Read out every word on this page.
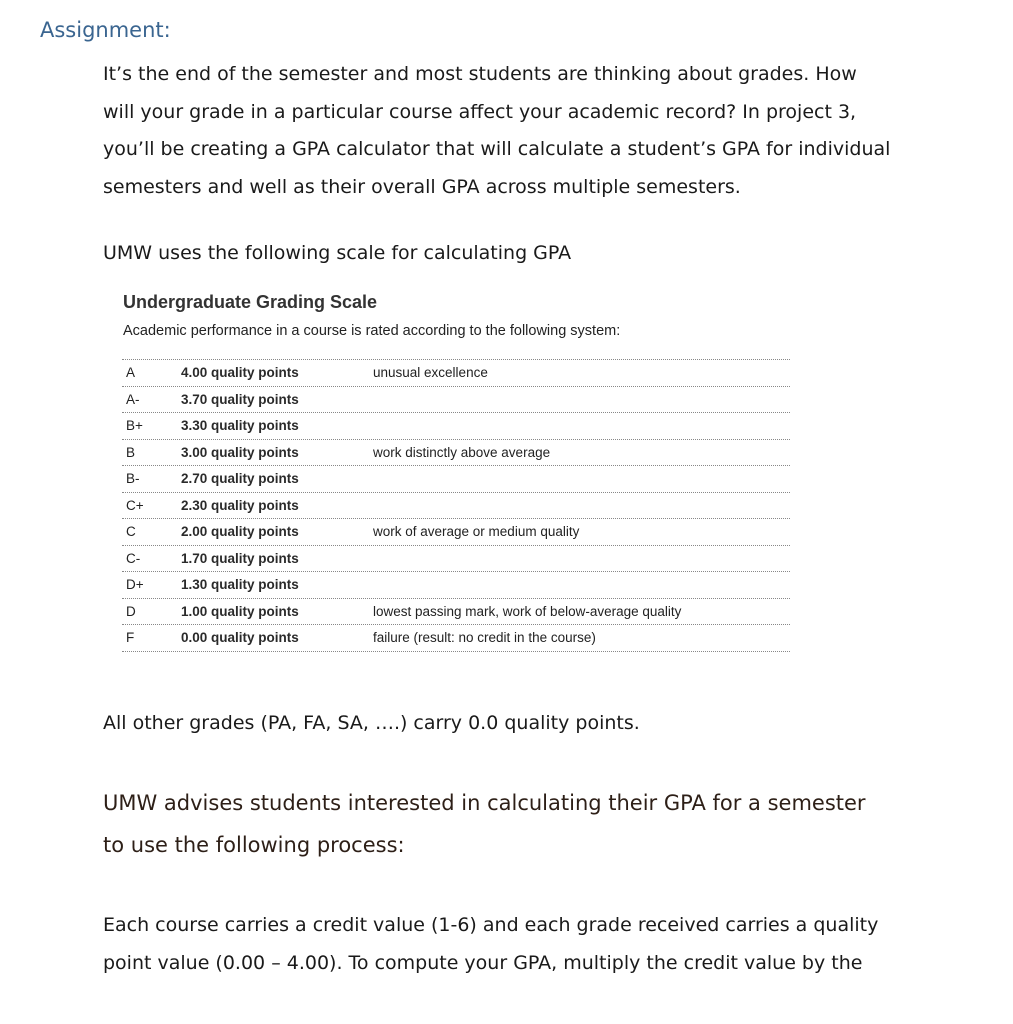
Assignment:
It’s the end of the semester and most students are thinking about grades. How
will your grade in a particular course affect your academic record? In project 3,
you’ll be creating a GPA calculator that will calculate a student’s GPA for individual
semesters and well as their overall GPA across multiple semesters.
UMW uses the following scale for calculating GPA
Undergraduate Grading Scale
Academic performance in a course is rated according to the following system:
A	4.00 quality points	unusual excellence
A-	3.70 quality points
B+	3.30 quality points
B	3.00 quality points	work distinctly above average
B-	2.70 quality points
C+	2.30 quality points
C	2.00 quality points	work of average or medium quality
C-	1.70 quality points
D+	1.30 quality points
D	1.00 quality points	lowest passing mark, work of below-average quality
F	0.00 quality points	failure (result: no credit in the course)
All other grades (PA, FA, SA, ….) carry 0.0 quality points.
UMW advises students interested in calculating their GPA for a semester
to use the following process:
Each course carries a credit value (1-6) and each grade received carries a quality
point value (0.00 – 4.00). To compute your GPA, multiply the credit value by the
